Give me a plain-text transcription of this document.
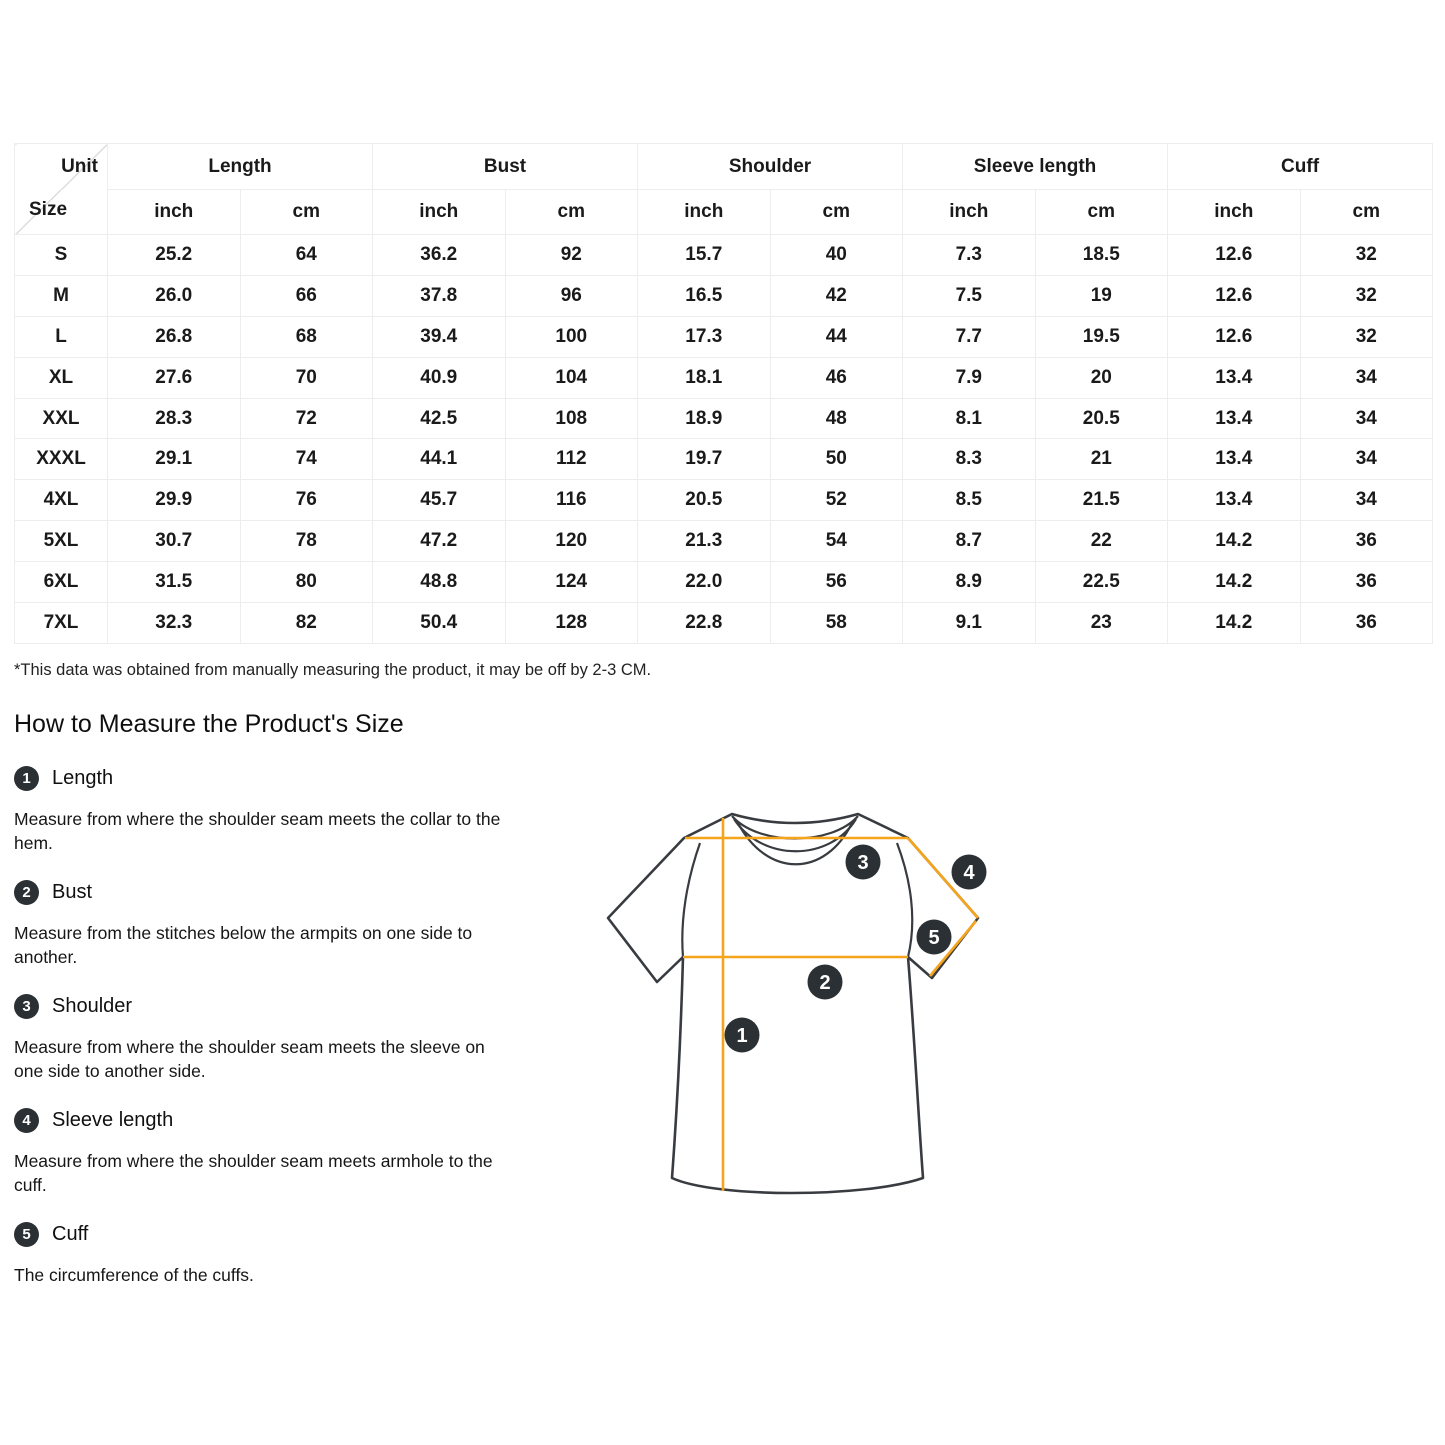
Unit
Size	Length		Bust		Shoulder		Sleeve length		Cuff	
	inch	cm	inch	cm	inch	cm	inch	cm	inch	cm
S	25.2	64	36.2	92	15.7	40	7.3	18.5	12.6	32
M	26.0	66	37.8	96	16.5	42	7.5	19	12.6	32
L	26.8	68	39.4	100	17.3	44	7.7	19.5	12.6	32
XL	27.6	70	40.9	104	18.1	46	7.9	20	13.4	34
XXL	28.3	72	42.5	108	18.9	48	8.1	20.5	13.4	34
XXXL	29.1	74	44.1	112	19.7	50	8.3	21	13.4	34
4XL	29.9	76	45.7	116	20.5	52	8.5	21.5	13.4	34
5XL	30.7	78	47.2	120	21.3	54	8.7	22	14.2	36
6XL	31.5	80	48.8	124	22.0	56	8.9	22.5	14.2	36
7XL	32.3	82	50.4	128	22.8	58	9.1	23	14.2	36

*This data was obtained from manually measuring the product, it may be off by 2-3 CM.

How to Measure the Product's Size
1	Length

Measure from where the shoulder seam meets the collar to the hem.

2	Bust

Measure from the stitches below the armpits on one side to another.

3	Shoulder

Measure from where the shoulder seam meets the sleeve on one side to another side.

4	Sleeve length

Measure from where the shoulder seam meets armhole to the cuff.

5	Cuff

The circumference of the cuffs.

1
2
3	4
5
